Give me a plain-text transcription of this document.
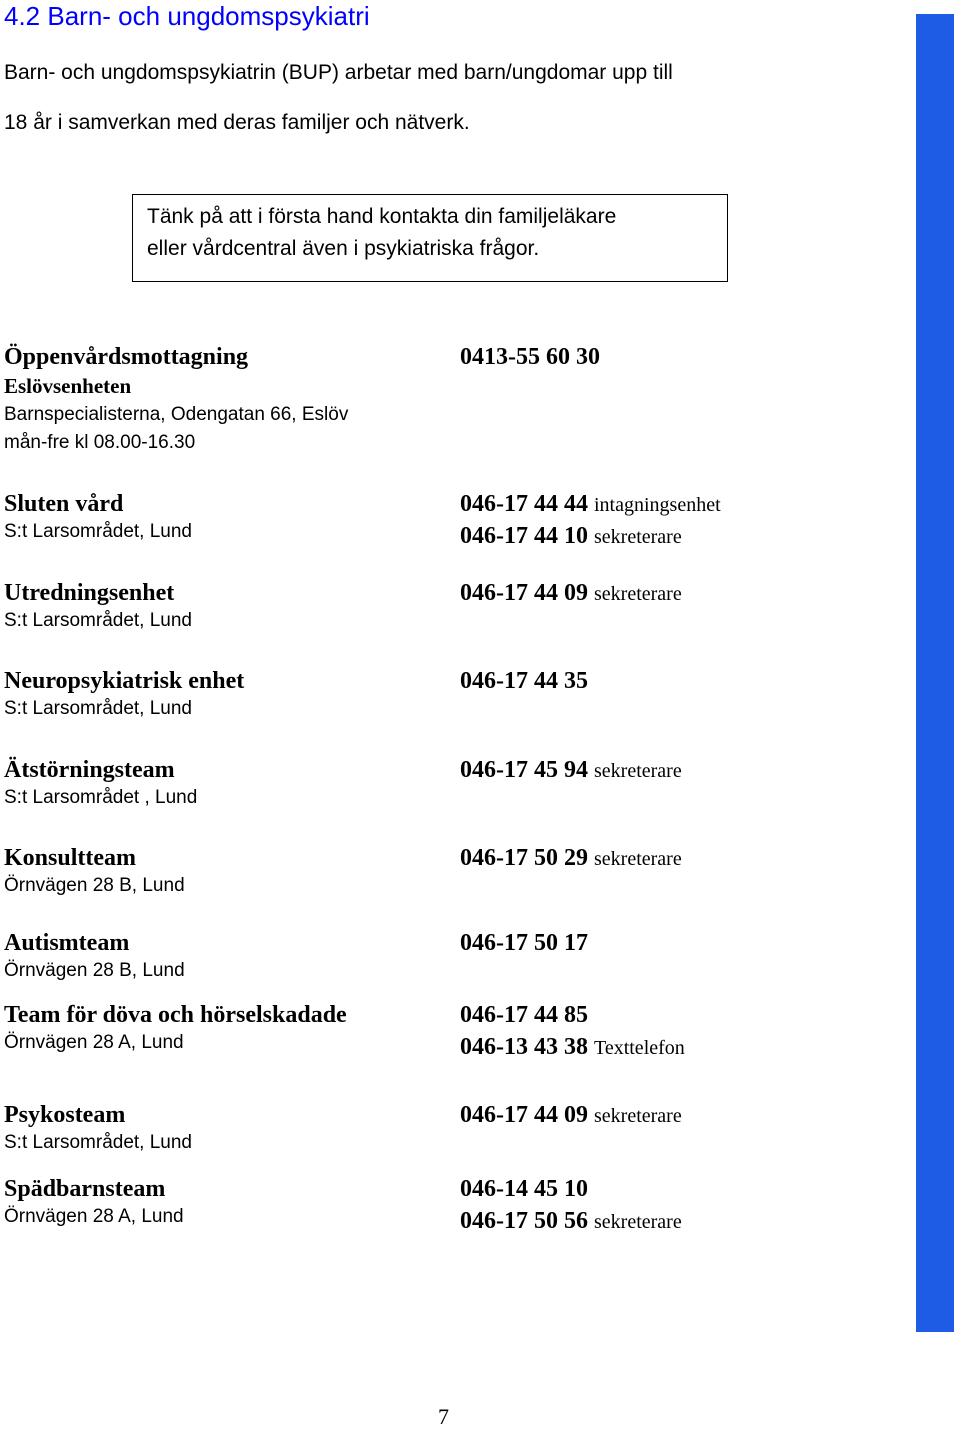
4.2 Barn- och ungdomspsykiatri
Barn- och ungdomspsykiatrin (BUP) arbetar med barn/ungdomar upp till
18 år i samverkan med deras familjer och nätverk.
Tänk på att i första hand kontakta din familjeläkare
eller vårdcentral även i psykiatriska frågor.
Öppenvårdsmottagning
Eslövsenheten
Barnspecialisterna, Odengatan 66, Eslöv
mån-fre kl 08.00-16.30
0413-55 60 30
Sluten vård
S:t Larsområdet, Lund
046-17 44 44 intagningsenhet
046-17 44 10 sekreterare
Utredningsenhet
S:t Larsområdet, Lund
046-17 44 09 sekreterare
Neuropsykiatrisk enhet
S:t Larsområdet, Lund
046-17 44 35
Ätstörningsteam
S:t Larsområdet , Lund
046-17 45 94 sekreterare
Konsultteam
Örnvägen 28 B, Lund
046-17 50 29 sekreterare
Autismteam
Örnvägen 28 B, Lund
046-17 50 17
Team för döva och hörselskadade
Örnvägen 28 A, Lund
046-17 44 85
046-13 43 38 Texttelefon
Psykosteam
S:t Larsområdet, Lund
046-17 44 09 sekreterare
Spädbarnsteam
Örnvägen 28 A, Lund
046-14 45 10
046-17 50 56 sekreterare
7
